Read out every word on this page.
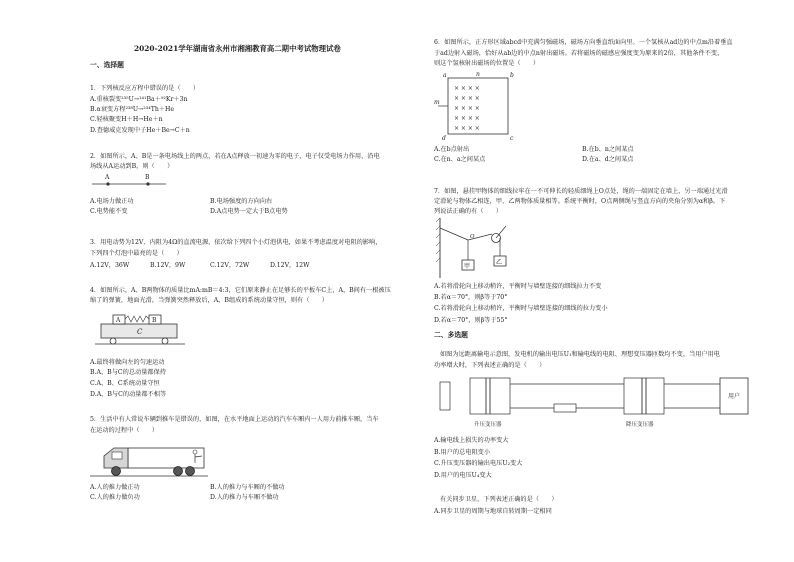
2020-2021学年湖南省永州市湘湘教育高二期中考试物理试卷
一、选择题
1．下列核反应方程中错误的是（　　）
A.重核裂变²³⁵U→¹⁴¹Ba＋⁹²Kr＋3n
B.α衰变方程²³⁸U→²³⁴Th＋He
C.轻核聚变H＋H→He＋n
D.查德威克发现中子He＋Be→C＋n
2．如图所示，A、B是一条电场线上的两点，若在A点释放一初速为零的电子，电子仅受电场力作用，沿电
场线从A运动到B，则（　　）
A	B
A.电场力做正功	B.电场强度的方向向右
C.电势能不变	D.A点电势一定大于B点电势
3．用电动势为12V、内阻为4Ω的直流电源，依次给下列四个小灯泡供电，如果不考虑温度对电阻的影响，
下列四个灯泡中最亮的是（　　）
A.12V，36W	B.12V，9W	C.12V，72W	D.12V，12W
4．如图所示，A、B两物体的质量比mA:mB＝4:3，它们原来静止在足够长的平板车C上，A、B间有一根被压
缩了的弹簧，地面光滑，当弹簧突然释放后，A、B组成的系统动量守恒，则有（　　）
A	B
C
A.最终将做向左的匀速运动
B.A、B与C的总动量都保持
C.A、B、C系统动量守恒
D.A、B与C的动量都不相等
5．生活中有人常说车辆到推车是错误的，如图，在水平地面上运动的汽车车厢内一人用力前推车厢，当车
在运动的过程中（　　）
A.人的推力做正功	B.人的推力与车厢的不做功
C.人的推力做负功	D.人的推力与车厢不做功
6．如图所示，正方形区域abcd中充满匀强磁场，磁场方向垂直纸面向里。一个氢核从ad边的中点m沿着垂直
于ad边射入磁场，恰好从ab边的中点n射出磁场。若将磁场的磁感应强度变为原来的2倍，其他条件不变，
则这个氢核射出磁场的位置是（　　）
× × × ×
× × × ×
× × × ×
× × × ×
× × × ×
a	n	b
m
d	c
A.在b点射出	B.在b、n之间某点
C.在n、a之间某点	D.在a、d之间某点
7．如图，悬挂甲物体的细线拉牢在一不可伸长的轻质细绳上O点处，绳的一端固定在墙上，另一端通过光滑
定滑轮与物体乙相连，甲、乙两物体质量相等。系统平衡时，O点两侧绳与竖直方向的夹角分别为α和β。下
列说法正确的有（　　）
O
甲
乙
A.若将滑轮向上移动稍许，平衡时与墙壁连接的细线拉力不变
B.若α＝70°，则β等于70°
C.若将滑轮向上移动稍许，平衡时与墙壁连接的细线的拉力变小
D.若α＝70°，则β等于55°
二、多选题
如图为远距离输电示意图，发电机的输出电压U₁和输电线的电阻、理想变压器匝数均不变，当用户用电
功率增大时，下列表述正确的是（　　）
用户
升压变压器	降压变压器
A.输电线上损失的功率变大
B.用户的总电阻变小
C.升压变压器的输出电压U₂变大
D.用户的电压U₄变大
有关同步卫星，下列表述正确的是（　　）
A.同步卫星的周期与地球自转周期一定相同
